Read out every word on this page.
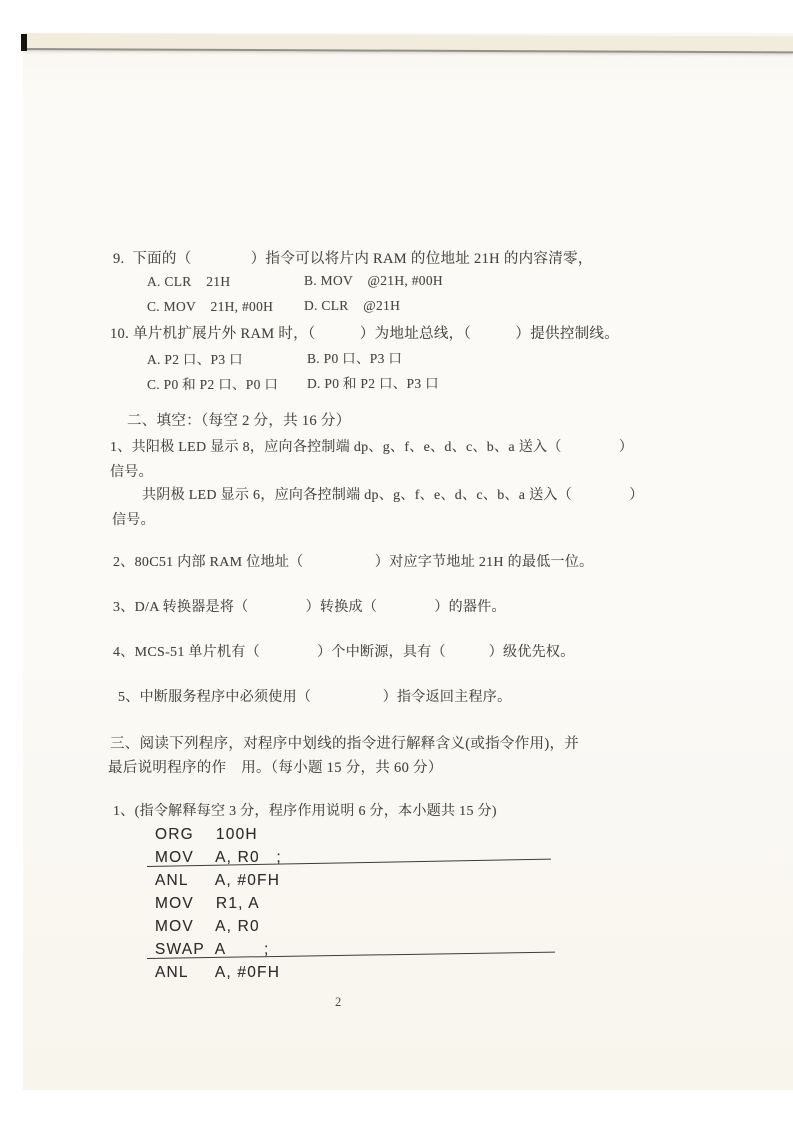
9.  下面的（　　　　）指令可以将片内 RAM 的位地址 21H 的内容清零，
A. CLR    21H	B. MOV    @21H, #00H
C. MOV    21H, #00H D. CLR    @21H
10. 单片机扩展片外 RAM 时，（　　　）为地址总线，（　　　）提供控制线。
A. P2 口、P3 口	B. P0 口、P3 口
C. P0 和 P2 口、P0 口 D. P0 和 P2 口、P3 口
二、填空：（每空 2 分，共 16 分）
1、共阳极 LED 显示 8，应向各控制端 dp、g、f、e、d、c、b、a 送入（　　　　）
信号。
共阴极 LED 显示 6，应向各控制端 dp、g、f、e、d、c、b、a 送入（　　　　）
信号。
2、80C51 内部 RAM 位地址（　　　　　）对应字节地址 21H 的最低一位。
3、D/A 转换器是将（　　　　）转换成（　　　　）的器件。
4、MCS-51 单片机有（　　　　）个中断源，具有（　　　）级优先权。
5、中断服务程序中必须使用（　　　　　）指令返回主程序。
三、阅读下列程序，对程序中划线的指令进行解释含义(或指令作用)，并
最后说明程序的作　用。（每小题 15 分，共 60 分）
1、(指令解释每空 3 分，程序作用说明 6 分，本小题共 15 分)
ORG    100H
MOV    A, R0   ;
ANL     A, #0FH
MOV    R1, A
MOV    A, R0
SWAP  A       ;
ANL     A, #0FH
2
